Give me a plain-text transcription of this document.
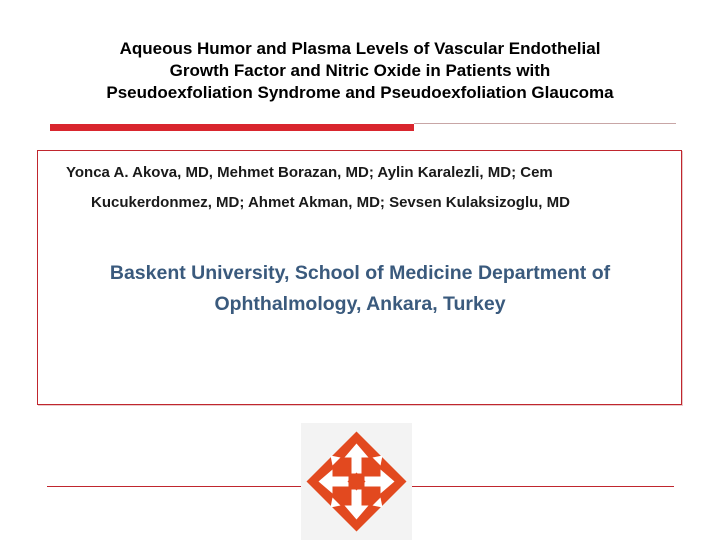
Aqueous Humor and Plasma Levels of Vascular Endothelial
Growth Factor and Nitric Oxide in Patients with
Pseudoexfoliation Syndrome and Pseudoexfoliation Glaucoma
Yonca A. Akova, MD, Mehmet Borazan, MD; Aylin Karalezli, MD; Cem
Kucukerdonmez, MD; Ahmet Akman, MD; Sevsen Kulaksizoglu, MD
Baskent University, School of Medicine Department of
Ophthalmology, Ankara, Turkey
